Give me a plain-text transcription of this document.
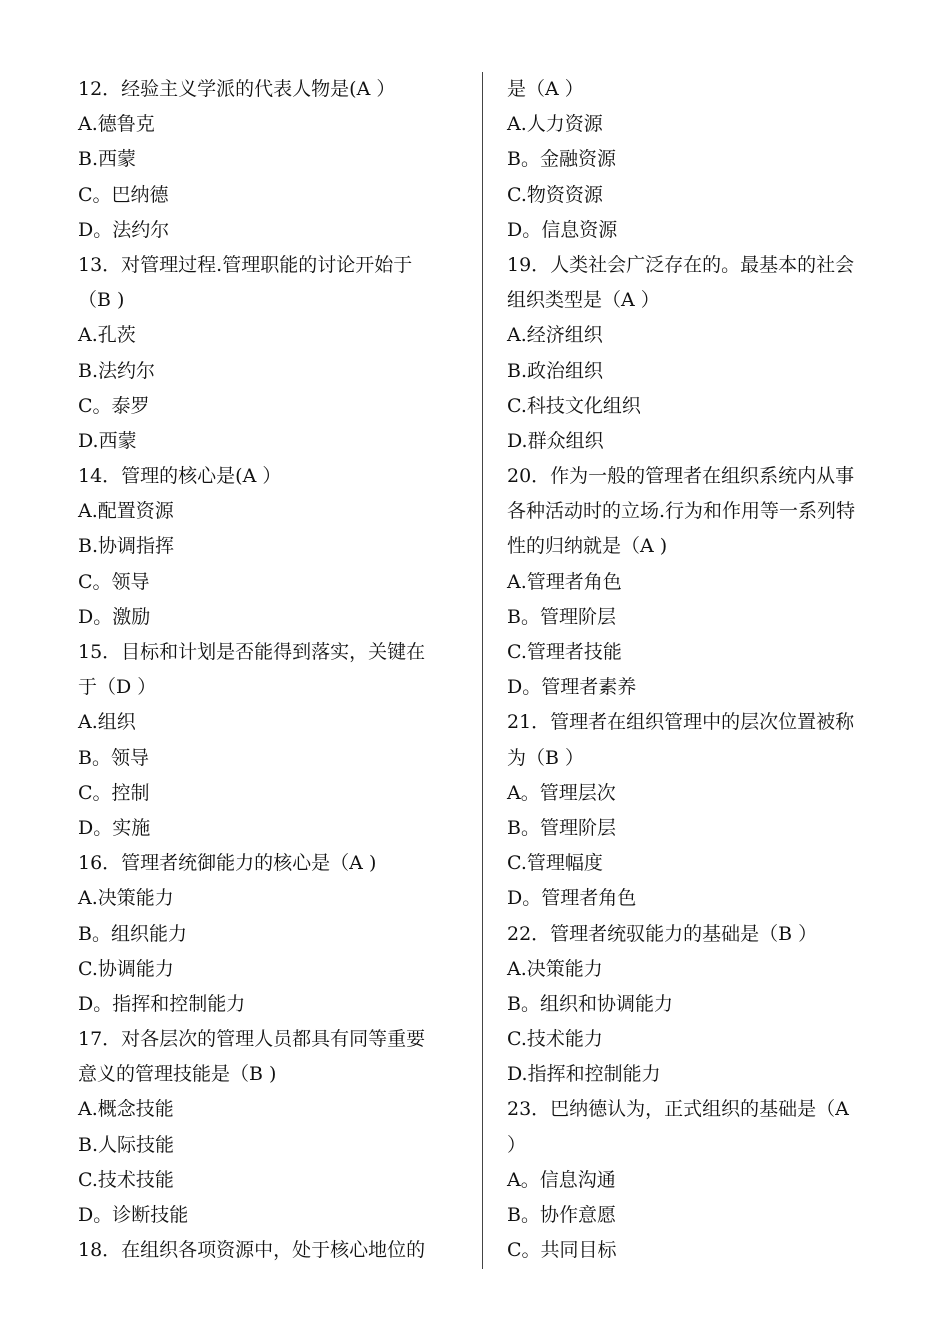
12．经验主义学派的代表人物是(A ）
A.德鲁克
B.西蒙
C。巴纳德
D。法约尔
13．对管理过程.管理职能的讨论开始于
（B )
A.孔茨
B.法约尔
C。泰罗
D.西蒙
14．管理的核心是(A ）
A.配置资源
B.协调指挥
C。领导
D。激励
15．目标和计划是否能得到落实，关键在
于（D ）
A.组织
B。领导
C。控制
D。实施
16．管理者统御能力的核心是（A )
A.决策能力
B。组织能力
C.协调能力
D。指挥和控制能力
17．对各层次的管理人员都具有同等重要
意义的管理技能是（B )
A.概念技能
B.人际技能
C.技术技能
D。诊断技能
18．在组织各项资源中，处于核心地位的
是（A ）
A.人力资源
B。金融资源
C.物资资源
D。信息资源
19．人类社会广泛存在的。最基本的社会
组织类型是（A ）
A.经济组织
B.政治组织
C.科技文化组织
D.群众组织
20．作为一般的管理者在组织系统内从事
各种活动时的立场.行为和作用等一系列特
性的归纳就是（A )
A.管理者角色
B。管理阶层
C.管理者技能
D。管理者素养
21．管理者在组织管理中的层次位置被称
为（B ）
A。管理层次
B。管理阶层
C.管理幅度
D。管理者角色
22．管理者统驭能力的基础是（B ）
A.决策能力
B。组织和协调能力
C.技术能力
D.指挥和控制能力
23．巴纳德认为，正式组织的基础是（A
）
A。信息沟通
B。协作意愿
C。共同目标
